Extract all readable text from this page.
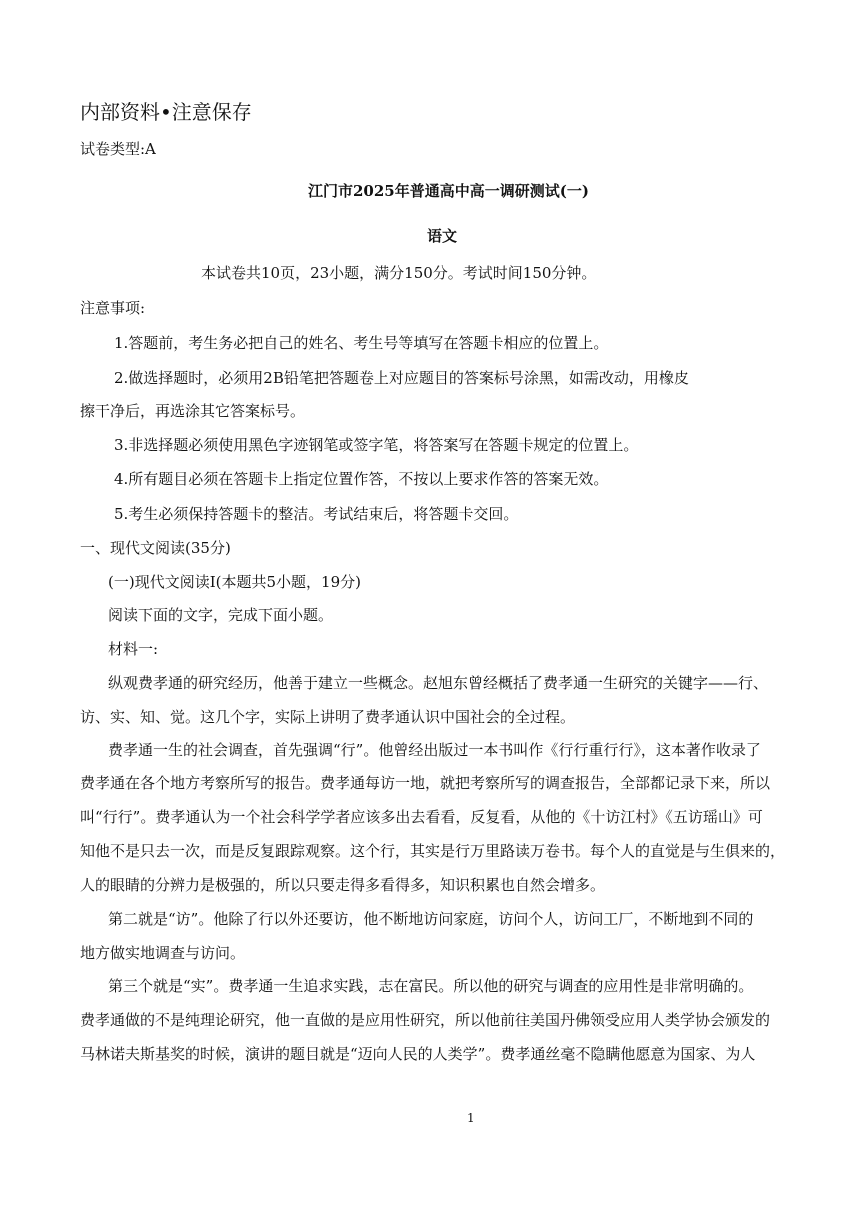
内部资料•注意保存
试卷类型:A
江门市2025年普通高中高一调研测试(一)
语文
本试卷共10页，23小题，满分150分。考试时间150分钟。
注意事项:
1.答题前，考生务必把自己的姓名、考生号等填写在答题卡相应的位置上。
2.做选择题时，必须用2B铅笔把答题卷上对应题目的答案标号涂黑，如需改动，用橡皮
擦干净后，再选涂其它答案标号。
3.非选择题必须使用黑色字迹钢笔或签字笔，将答案写在答题卡规定的位置上。
4.所有题目必须在答题卡上指定位置作答，不按以上要求作答的答案无效。
5.考生必须保持答题卡的整洁。考试结束后，将答题卡交回。
一、现代文阅读(35分)
(一)现代文阅读I(本题共5小题，19分)
阅读下面的文字，完成下面小题。
材料一:
纵观费孝通的研究经历，他善于建立一些概念。赵旭东曾经概括了费孝通一生研究的关键字——行、
访、实、知、觉。这几个字，实际上讲明了费孝通认识中国社会的全过程。
费孝通一生的社会调查，首先强调“行”。他曾经出版过一本书叫作《行行重行行》，这本著作收录了
费孝通在各个地方考察所写的报告。费孝通每访一地，就把考察所写的调查报告，全部都记录下来，所以
叫“行行”。费孝通认为一个社会科学学者应该多出去看看，反复看，从他的《十访江村》《五访瑶山》可
知他不是只去一次，而是反复跟踪观察。这个行，其实是行万里路读万卷书。每个人的直觉是与生俱来的，
人的眼睛的分辨力是极强的，所以只要走得多看得多，知识积累也自然会增多。
第二就是“访”。他除了行以外还要访，他不断地访问家庭，访问个人，访问工厂，不断地到不同的
地方做实地调查与访问。
第三个就是“实”。费孝通一生追求实践，志在富民。所以他的研究与调查的应用性是非常明确的。
费孝通做的不是纯理论研究，他一直做的是应用性研究，所以他前往美国丹佛领受应用人类学协会颁发的
马林诺夫斯基奖的时候，演讲的题目就是“迈向人民的人类学”。费孝通丝毫不隐瞒他愿意为国家、为人
1
